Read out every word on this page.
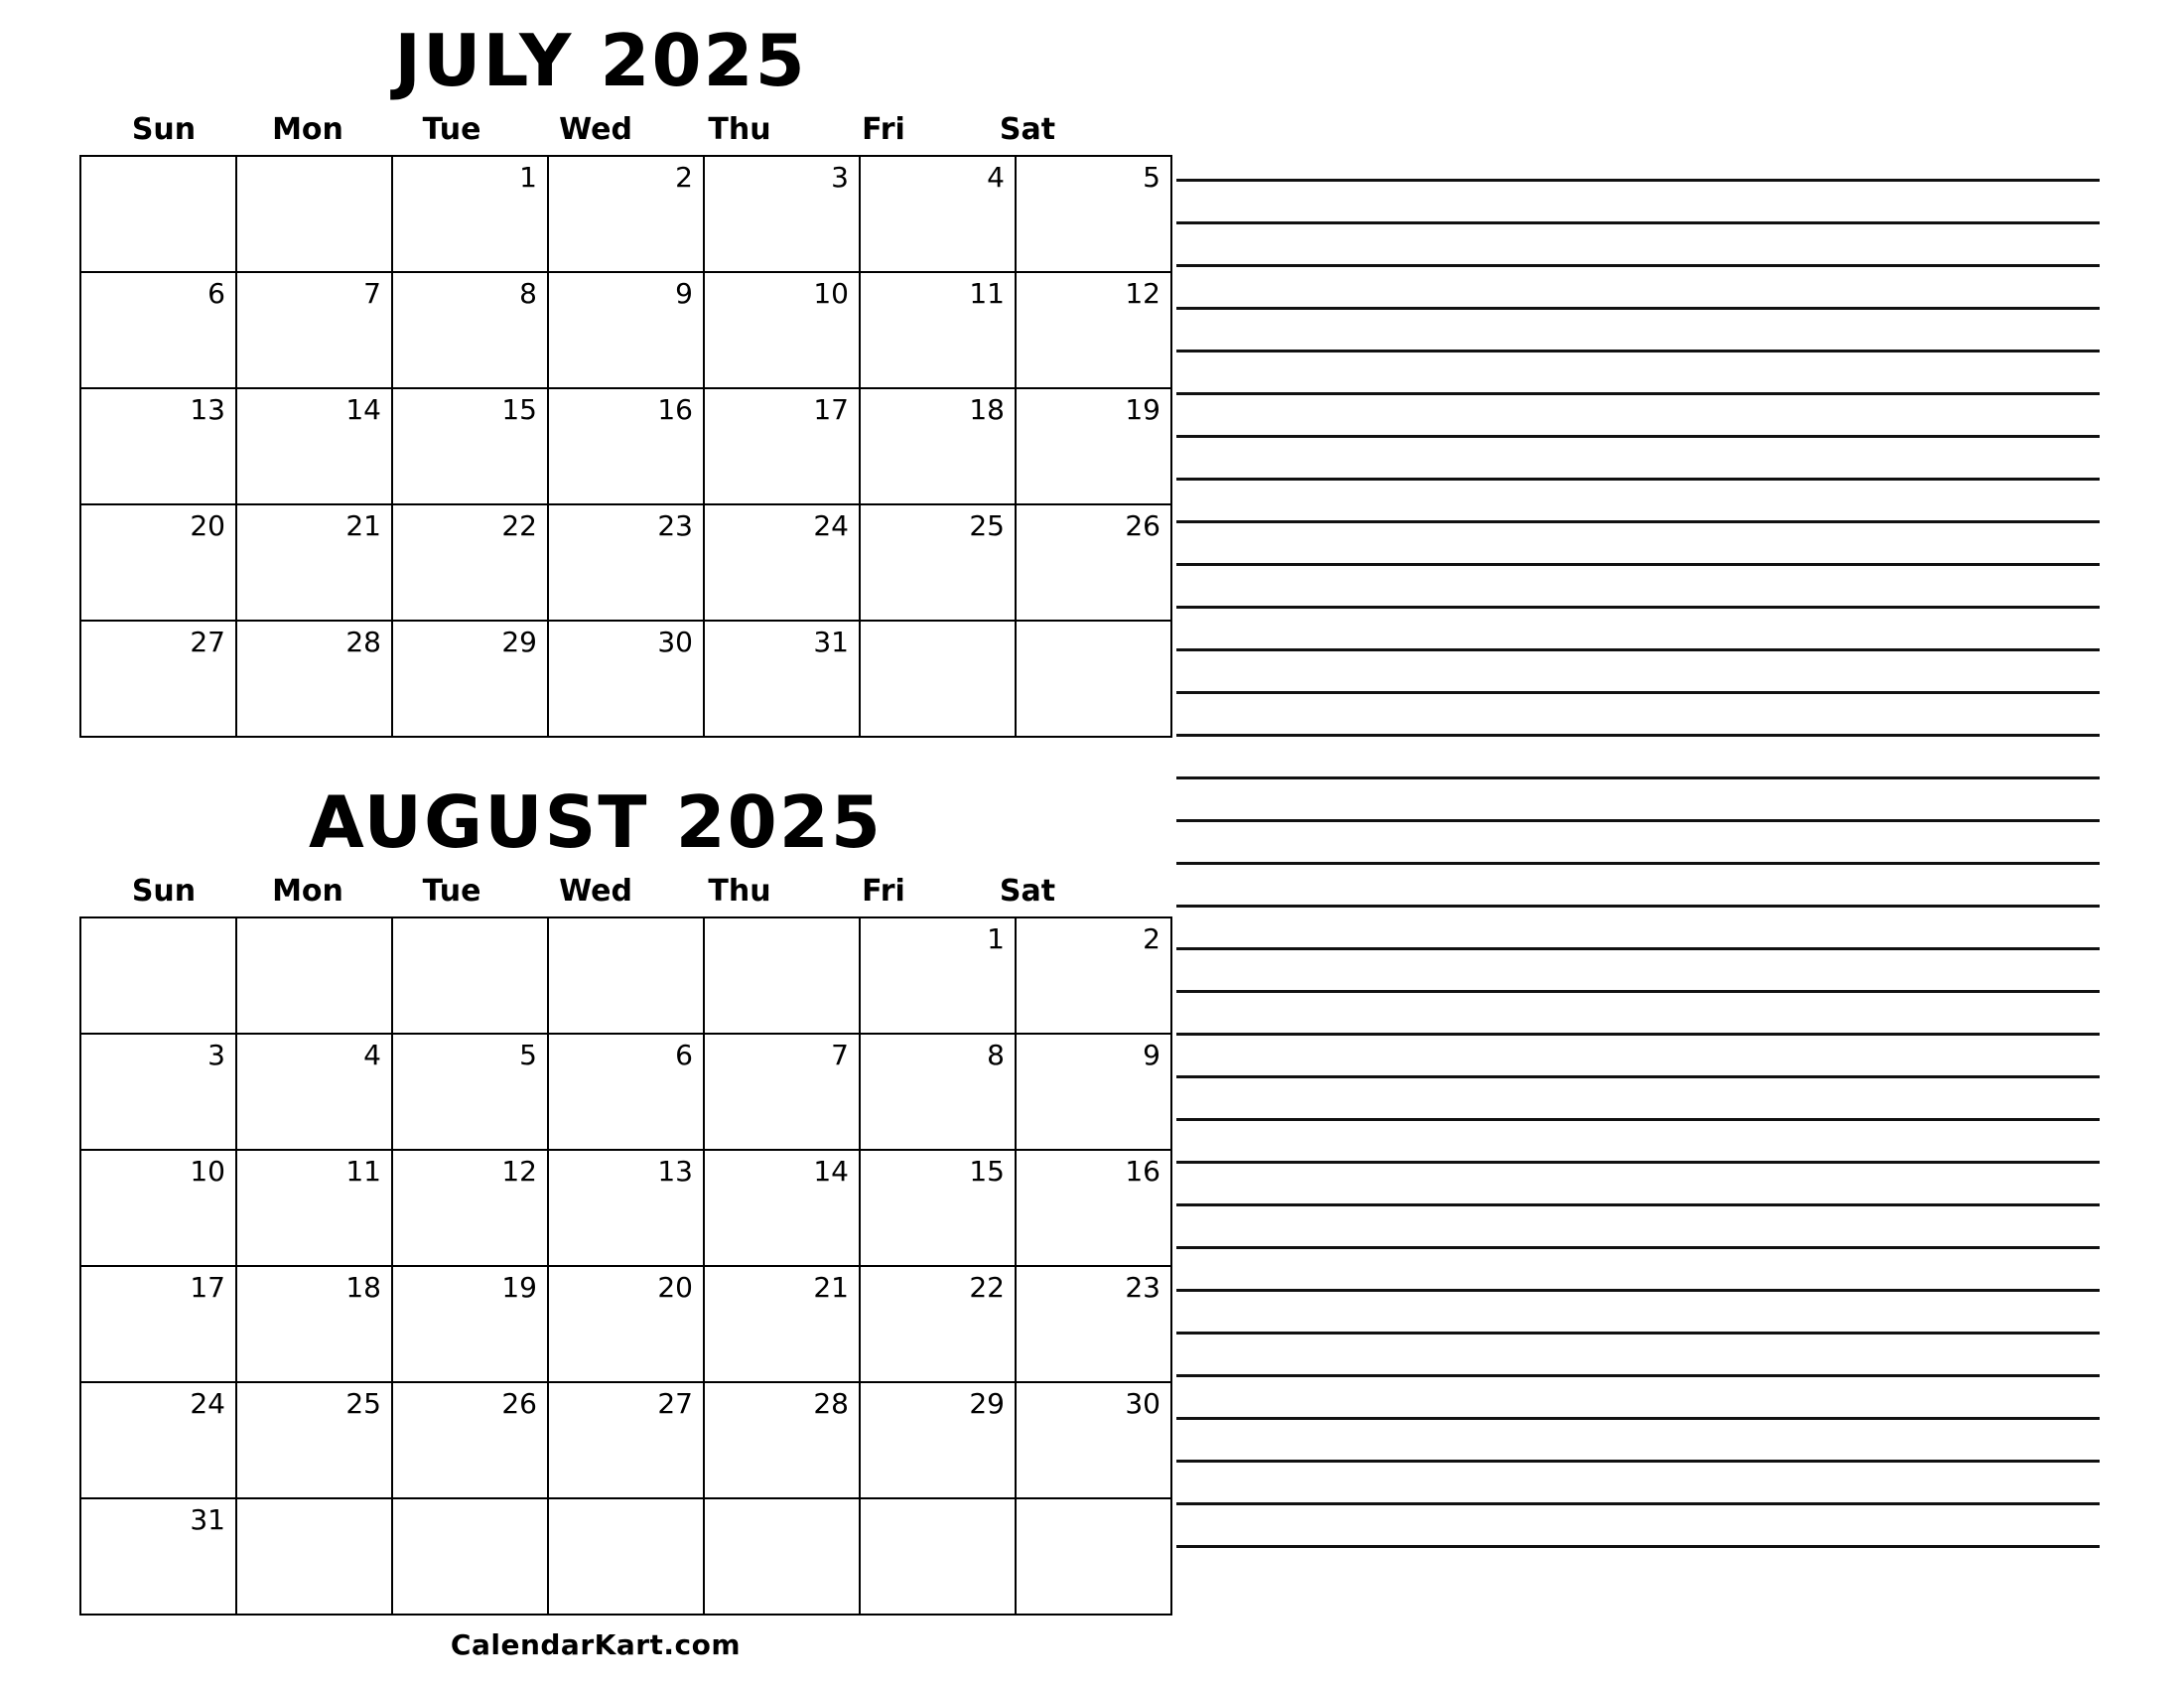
JULY 2025
Sun	Mon	Tue	Wed	Thu	Fri	Sat
		1	2	3	4	5
6	7	8	9	10	11	12
13	14	15	16	17	18	19
20	21	22	23	24	25	26
27	28	29	30	31		
AUGUST 2025
Sun	Mon	Tue	Wed	Thu	Fri	Sat
					1	2
3	4	5	6	7	8	9
10	11	12	13	14	15	16
17	18	19	20	21	22	23
24	25	26	27	28	29	30
31						
CalendarKart.com
